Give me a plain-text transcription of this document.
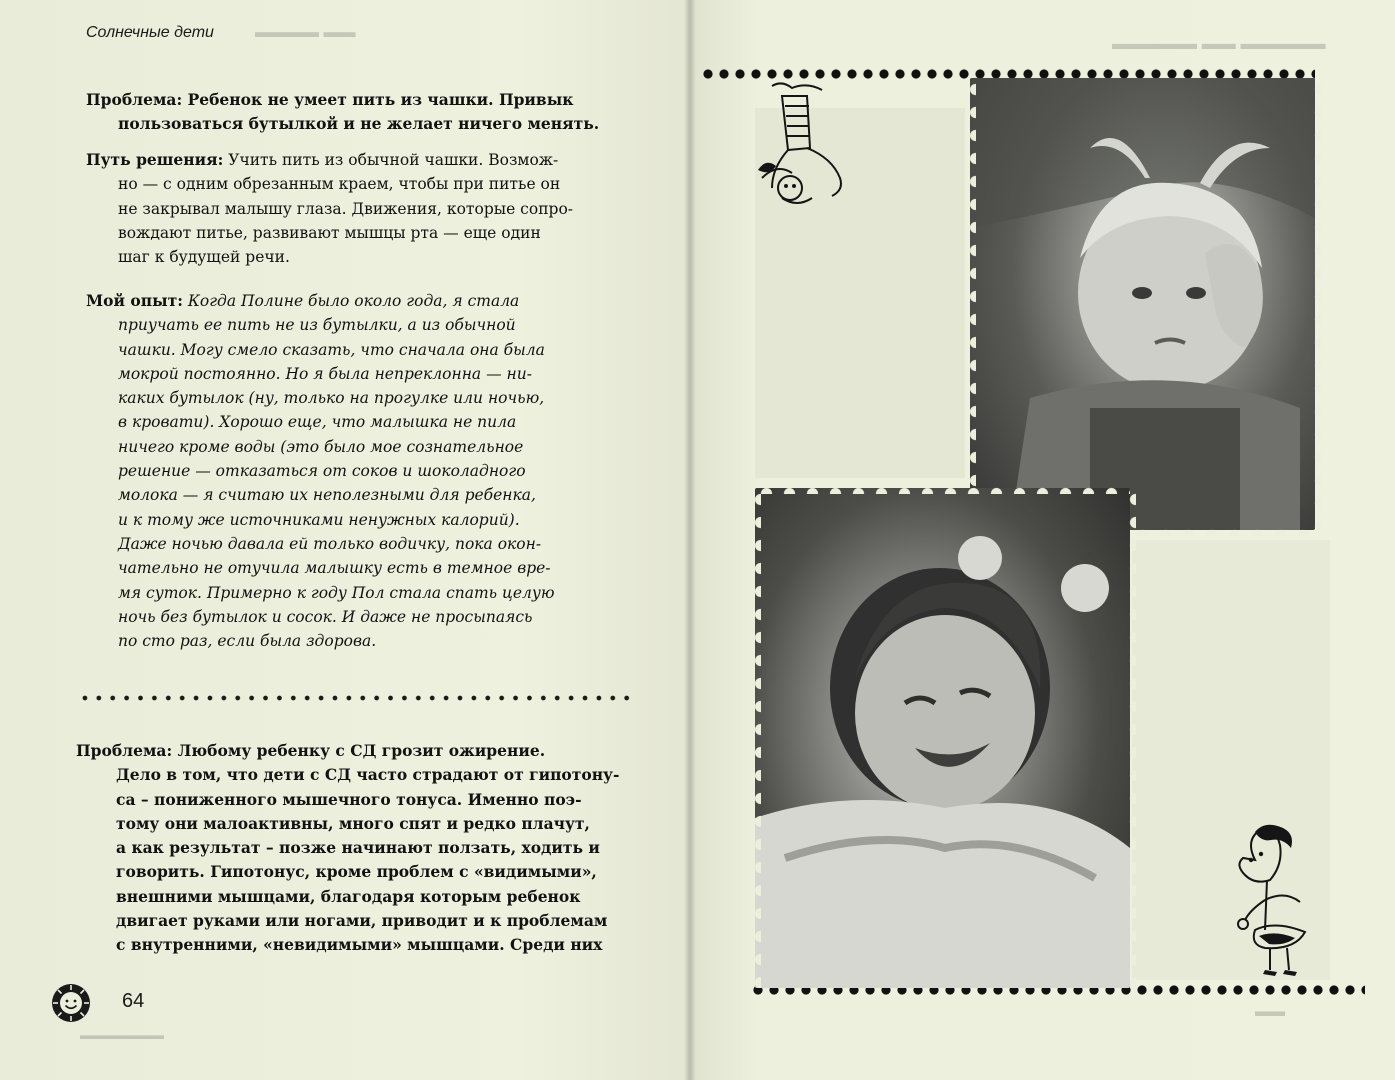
Солнечные дети	▬▬▬▬ ▬▬
▬▬▬▬▬▬▬

Проблема: Ребенок не умеет пить из чашки. Привык
пользоваться бутылкой и не желает ничего менять.

Путь решения: Учить пить из обычной чашки. Возмож-
но — с одним обрезанным краем, чтобы при питье он
не закрывал малышу глаза. Движения, которые сопро-
вождают питье, развивают мышцы рта — еще один
шаг к будущей речи.

Мой опыт: Когда Полине было около года, я стала
приучать ее пить не из бутылки, а из обычной
чашки. Могу смело сказать, что сначала она была
мокрой постоянно. Но я была непреклонна — ни-
каких бутылок (ну, только на прогулке или ночью,
в кровати). Хорошо еще, что малышка не пила
ничего кроме воды (это было мое сознательное
решение — отказаться от соков и шоколадного
молока — я считаю их неполезными для ребенка,
и к тому же источниками ненужных калорий).
Даже ночью давала ей только водичку, пока окон-
чательно не отучила малышку есть в темное вре-
мя суток. Примерно к году Пол стала спать целую
ночь без бутылок и сосок. И даже не просыпаясь
по сто раз, если была здорова.

Проблема: Любому ребенку с СД грозит ожирение.
Дело в том, что дети с СД часто страдают от гипотону-
са – пониженного мышечного тонуса. Именно поэ-
тому они малоактивны, много спят и редко плачут,
а как результат – позже начинают ползать, ходить и
говорить. Гипотонус, кроме проблем с «видимыми»,
внешними мышцами, благодаря которым ребенок
двигает руками или ногами, приводит и к проблемам
с внутренними, «невидимыми» мышцами. Среди них

64
▬▬▬▬▬ ▬▬ ▬▬▬▬▬
▬▬
